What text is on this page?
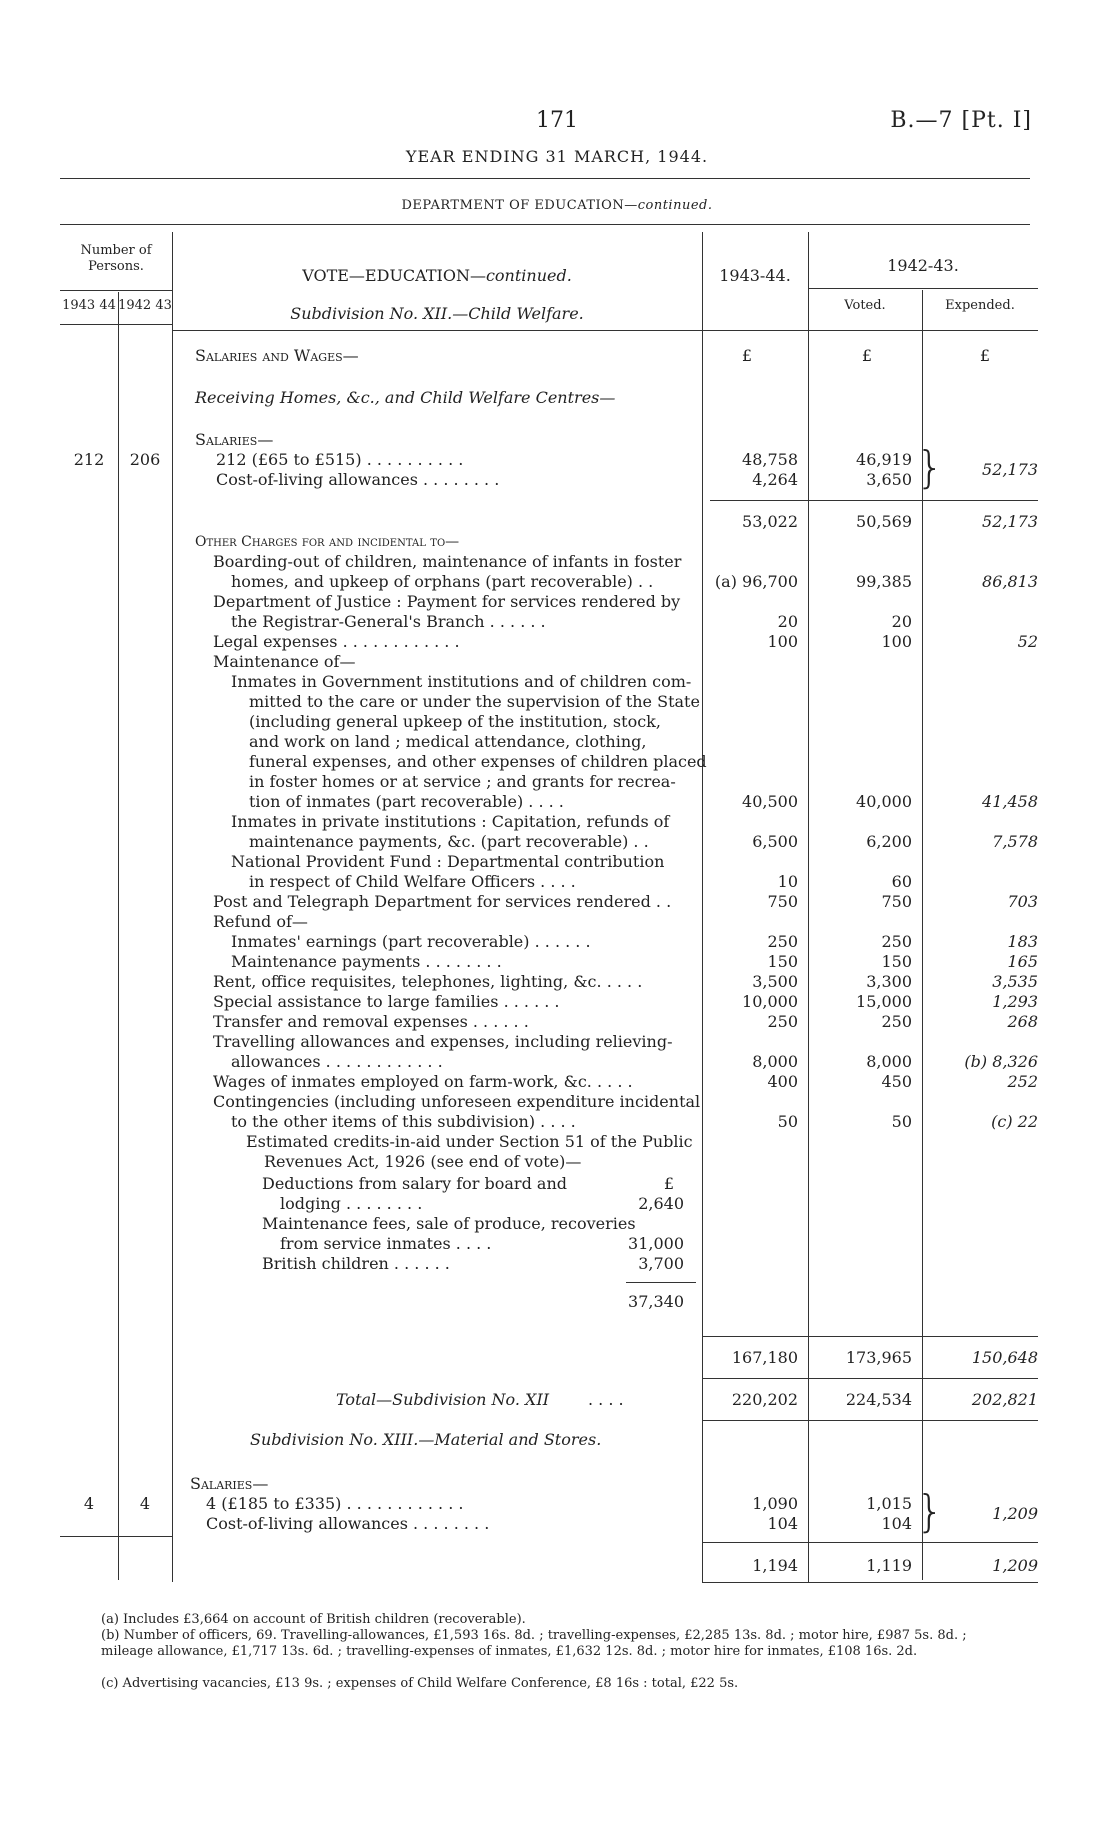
171	B.—7 [Pt. I]
YEAR ENDING 31 MARCH, 1944.
DEPARTMENT OF EDUCATION—continued.
Number of Persons.
1943 44 1942 43
VOTE—EDUCATION—continued.
Subdivision No. XII.—Child Welfare.
1943-44.
1942-43.
Voted.	Expended.
Salaries and Wages—	£	£	£
Receiving Homes, &c., and Child Welfare Centres—
Salaries—
212	206	212 (£65 to £515) . . . . . . . . . .	48,758	46,919
Cost-of-living allowances . . . . . . . .	4,264	3,650 } 52,173
53,022	50,569	52,173
Other Charges for and incidental to—
Boarding-out of children, maintenance of infants in foster
homes, and upkeep of orphans (part recoverable) . .	(a) 96,700	99,385	86,813
Department of Justice : Payment for services rendered by
the Registrar-General's Branch . . . . . .	20	20
Legal expenses . . . . . . . . . . . .	100	100	52
Maintenance of—
Inmates in Government institutions and of children com-
mitted to the care or under the supervision of the State
(including general upkeep of the institution, stock,
and work on land ; medical attendance, clothing,
funeral expenses, and other expenses of children placed
in foster homes or at service ; and grants for recrea-
tion of inmates (part recoverable) . . . .	40,500	40,000	41,458
Inmates in private institutions : Capitation, refunds of
maintenance payments, &c. (part recoverable) . .	6,500	6,200	7,578
National Provident Fund : Departmental contribution
in respect of Child Welfare Officers . . . .	10	60
Post and Telegraph Department for services rendered . .	750	750	703
Refund of—
Inmates' earnings (part recoverable) . . . . . .	250	250	183
Maintenance payments . . . . . . . .	150	150	165
Rent, office requisites, telephones, lighting, &c. . . . .	3,500	3,300	3,535
Special assistance to large families . . . . . .	10,000	15,000	1,293
Transfer and removal expenses . . . . . .	250	250	268
Travelling allowances and expenses, including relieving-
allowances . . . . . . . . . . . .	8,000	8,000	(b) 8,326
Wages of inmates employed on farm-work, &c. . . . .	400	450	252
Contingencies (including unforeseen expenditure incidental
to the other items of this subdivision) . . . .	50	50	(c) 22
Estimated credits-in-aid under Section 51 of the Public
Revenues Act, 1926 (see end of vote)—
£
Deductions from salary for board and
lodging . . . . . . . .	2,640
Maintenance fees, sale of produce, recoveries
from service inmates . . . .	31,000
British children . . . . . .	3,700
37,340
167,180	173,965	150,648
Total—Subdivision No. XII . . . .	220,202	224,534	202,821
Subdivision No. XIII.—Material and Stores.
Salaries—
4	4	4 (£185 to £335) . . . . . . . . . . . .	1,090	1,015
Cost-of-living allowances . . . . . . . .	104	104 }	1,209
1,194	1,119	1,209
(a) Includes £3,664 on account of British children (recoverable).
(b) Number of officers, 69. Travelling-allowances, £1,593 16s. 8d. ; travelling-expenses, £2,285 13s. 8d. ; motor hire, £987 5s. 8d. ; mileage allowance, £1,717 13s. 6d. ; travelling-expenses of inmates, £1,632 12s. 8d. ; motor hire for inmates, £108 16s. 2d.
(c) Advertising vacancies, £13 9s. ; expenses of Child Welfare Conference, £8 16s : total, £22 5s.
